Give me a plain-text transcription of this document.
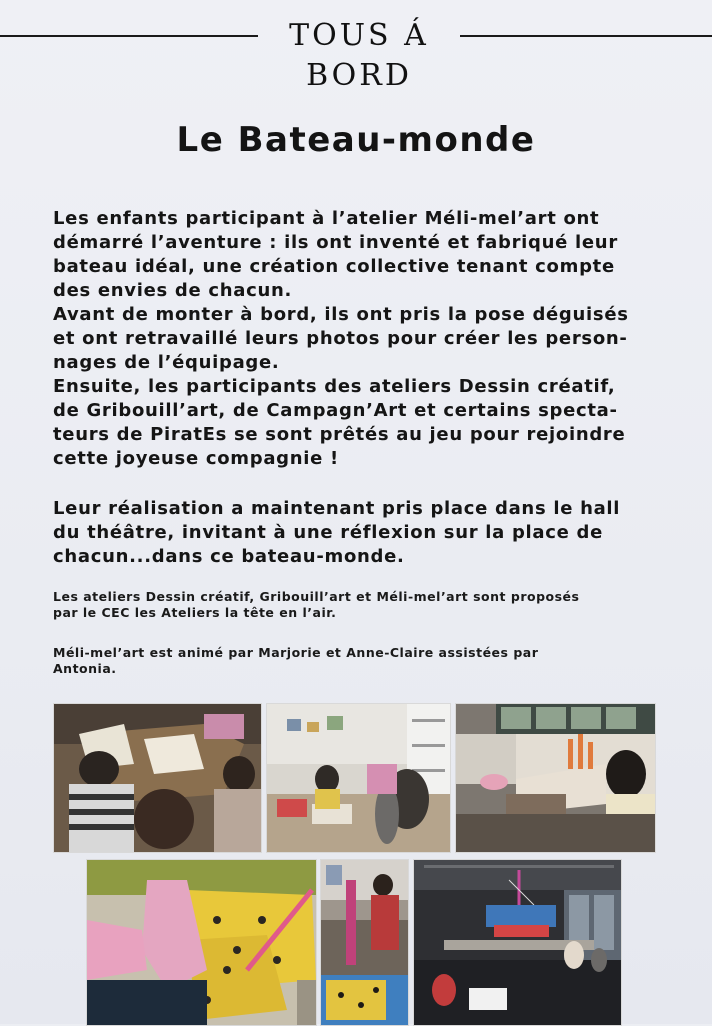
TOUS Á BORD
Le Bateau-monde
Les enfants participant à l’atelier Méli-mel’art ont
démarré l’aventure : ils ont inventé et fabriqué leur
bateau idéal, une création collective tenant compte
des envies de chacun.
Avant de monter à bord, ils ont pris la pose déguisés
et ont retravaillé leurs photos pour créer les person-
nages de l’équipage.
Ensuite, les participants des ateliers Dessin créatif,
de Gribouill’art, de Campagn’Art et certains specta-
teurs de PiratEs se sont prêtés au jeu pour rejoindre
cette joyeuse compagnie !
Leur réalisation a maintenant pris place dans le hall
du théâtre, invitant à une réflexion sur la place de
chacun...dans ce bateau-monde.
Les ateliers Dessin créatif, Gribouill’art et Méli-mel’art sont proposés
par le CEC les Ateliers la tête en l’air.
Méli-mel’art est animé par Marjorie et Anne-Claire assistées par
Antonia.
